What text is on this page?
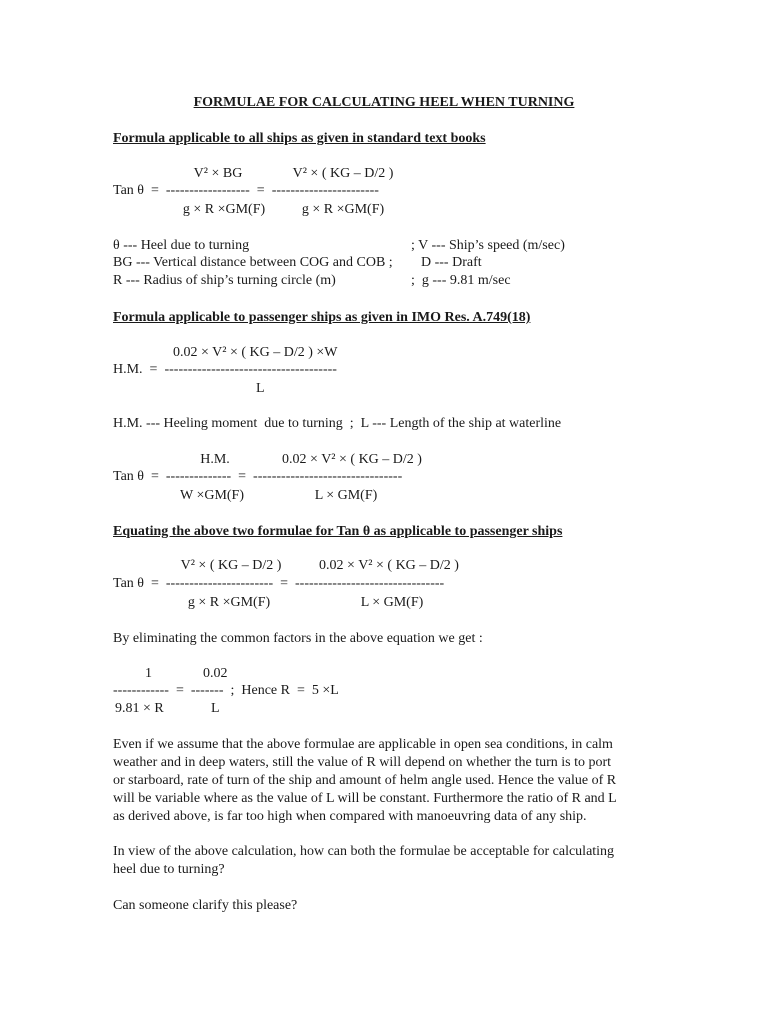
FORMULAE FOR CALCULATING HEEL WHEN TURNING
Formula applicable to all ships as given in standard text books
V² × BG	V² × ( KG – D/2 )
Tan θ  =  ------------------  =  -----------------------
g × R ×GM(F)	g × R ×GM(F)
θ --- Heel due to turning	; V --- Ship’s speed (m/sec)
BG --- Vertical distance between COG and COB ; D --- Draft
R --- Radius of ship’s turning circle (m)	;  g --- 9.81 m/sec
Formula applicable to passenger ships as given in IMO Res. A.749(18)
0.02 × V² × ( KG – D/2 ) ×W
H.M.  =  -------------------------------------
L
H.M. --- Heeling moment  due to turning  ;  L --- Length of the ship at waterline
H.M.	0.02 × V² × ( KG – D/2 )
Tan θ  =  --------------  =  --------------------------------
W ×GM(F)	L × GM(F)
Equating the above two formulae for Tan θ as applicable to passenger ships
V² × ( KG – D/2 )	0.02 × V² × ( KG – D/2 )
Tan θ  =  -----------------------  =  --------------------------------
g × R ×GM(F)	L × GM(F)
By eliminating the common factors in the above equation we get :
1	0.02
------------  =  -------  ;  Hence R  =  5 ×L
9.81 × R	L
Even if we assume that the above formulae are applicable in open sea conditions, in calm
weather and in deep waters, still the value of R will depend on whether the turn is to port
or starboard, rate of turn of the ship and amount of helm angle used. Hence the value of R
will be variable where as the value of L will be constant. Furthermore the ratio of R and L
as derived above, is far too high when compared with manoeuvring data of any ship.
In view of the above calculation, how can both the formulae be acceptable for calculating
heel due to turning?
Can someone clarify this please?
